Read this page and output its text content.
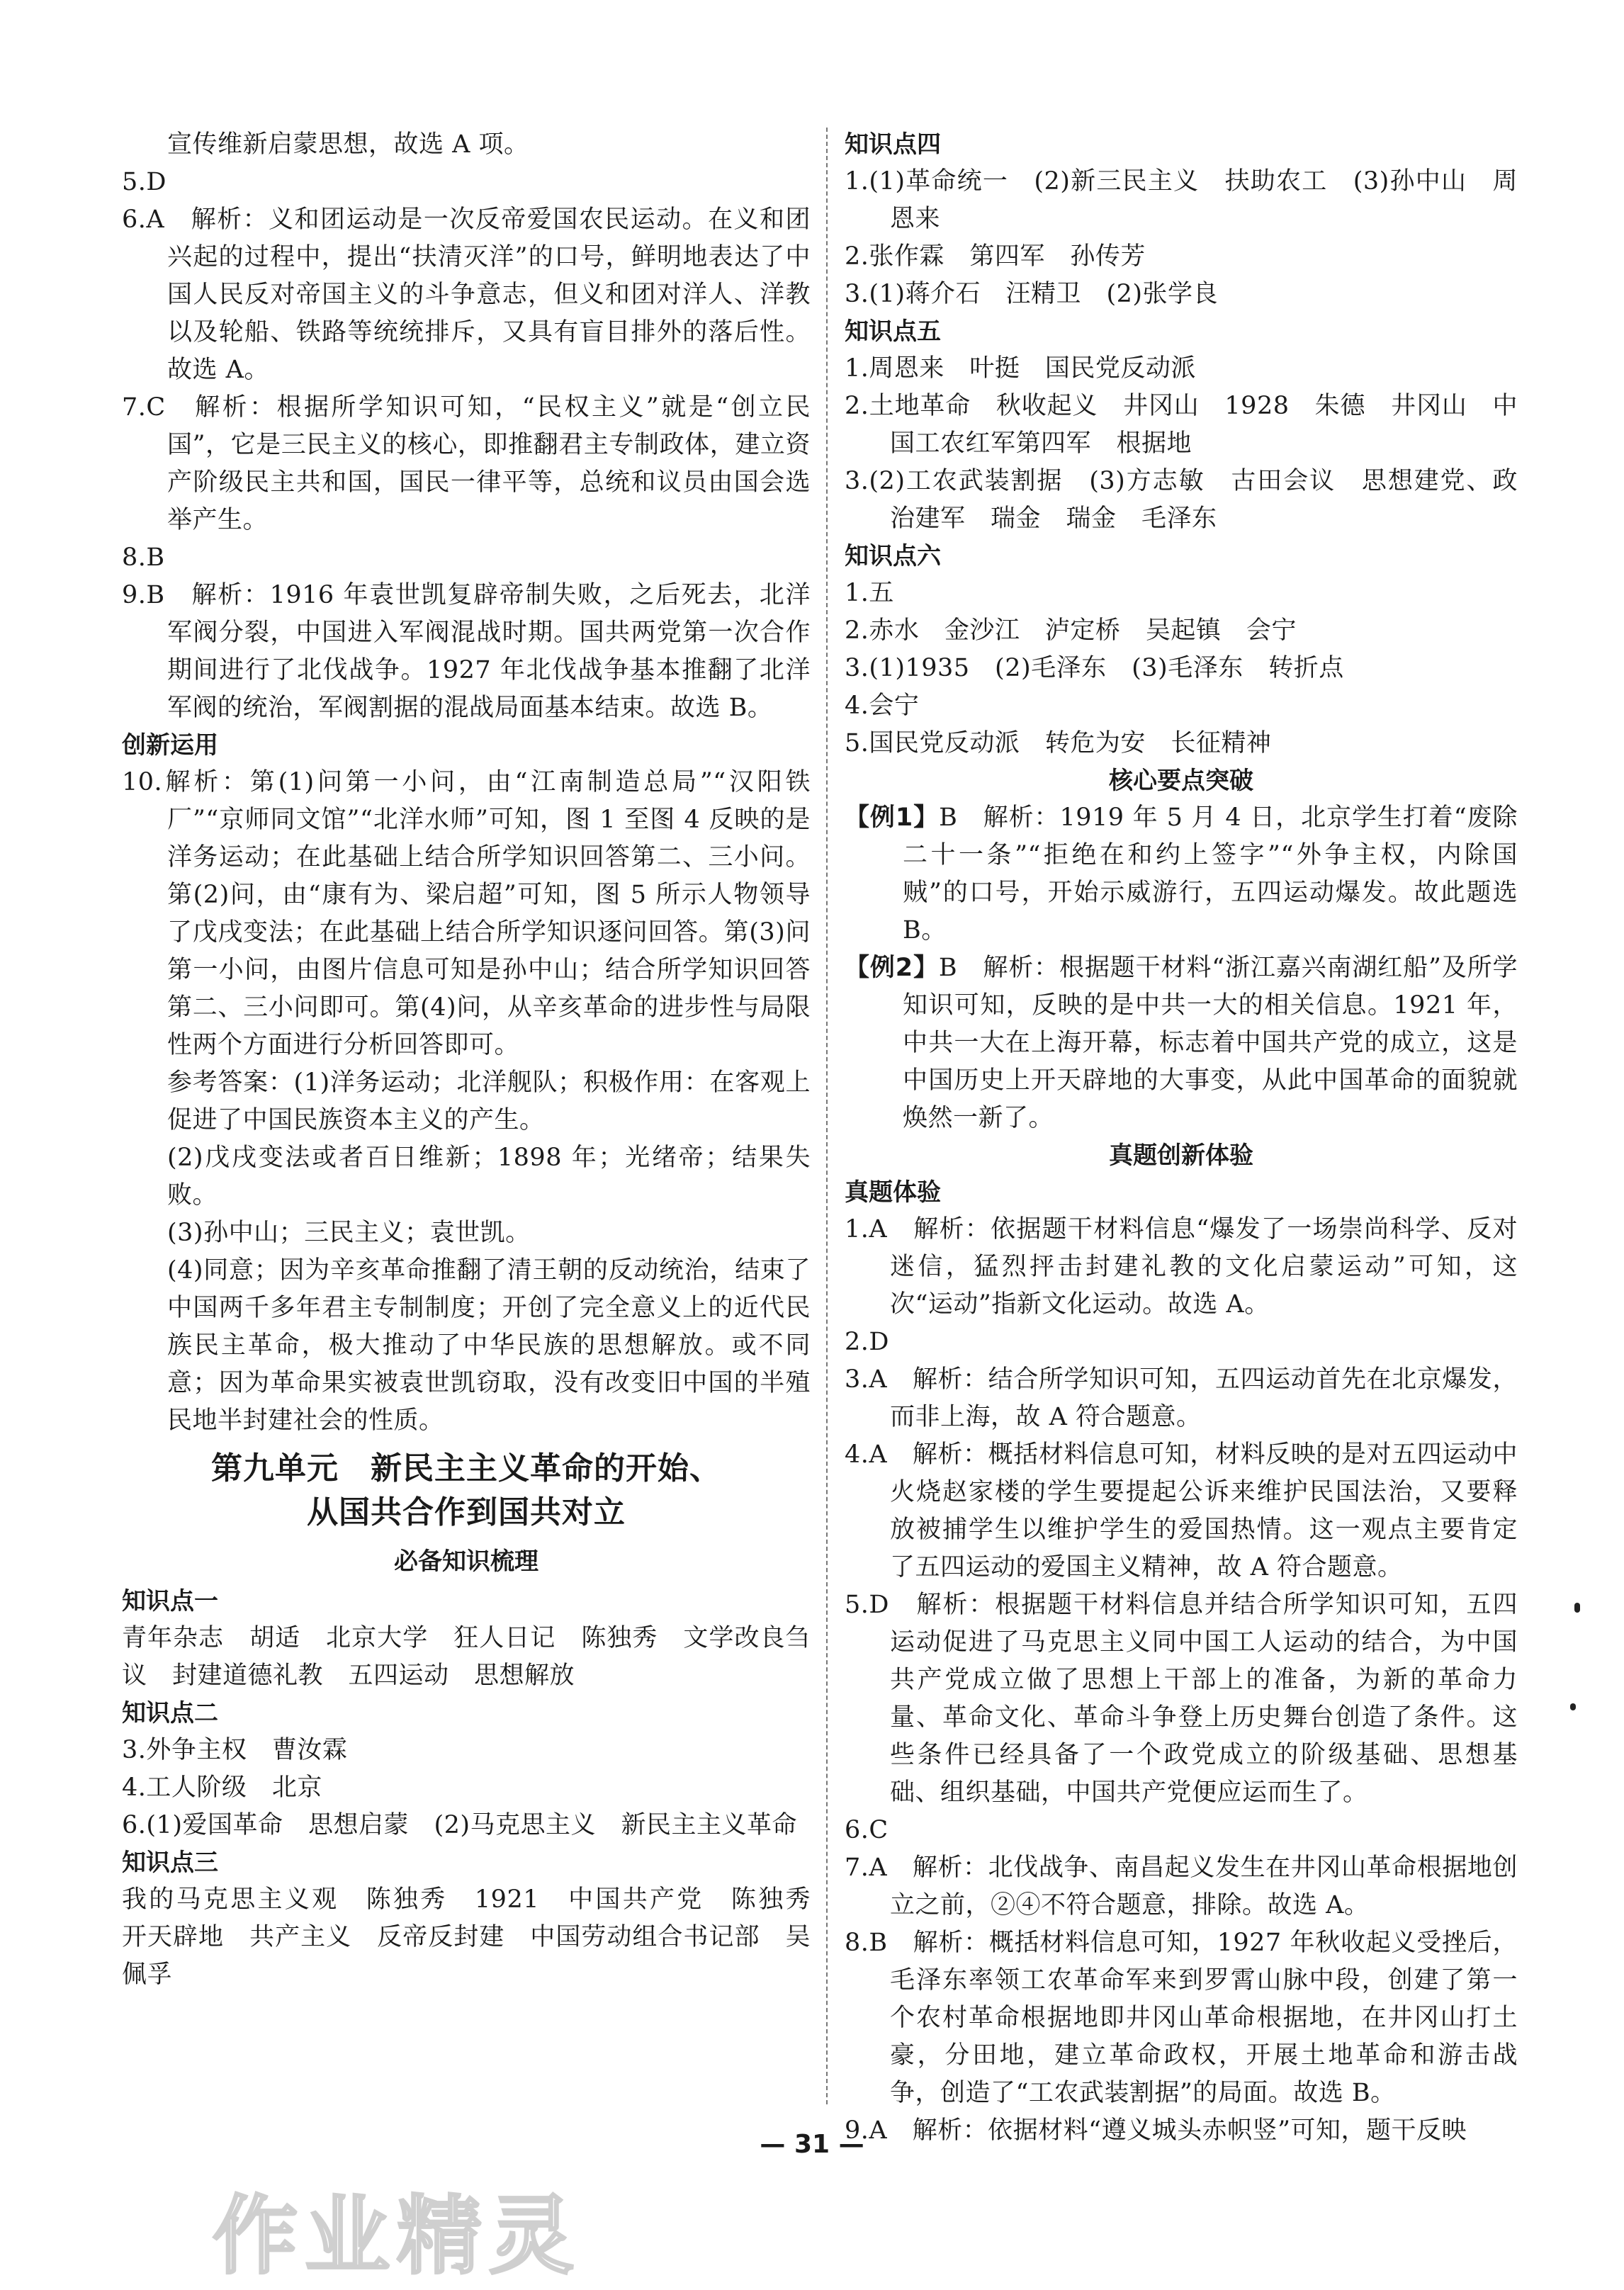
宣传维新启蒙思想，故选 A 项。

5.D

6.A　解析：义和团运动是一次反帝爱国农民运动。在义和团兴起的过程中，提出“扶清灭洋”的口号，鲜明地表达了中国人民反对帝国主义的斗争意志，但义和团对洋人、洋教以及轮船、铁路等统统排斥，又具有盲目排外的落后性。故选 A。

7.C　解析：根据所学知识可知，“民权主义”就是“创立民国”，它是三民主义的核心，即推翻君主专制政体，建立资产阶级民主共和国，国民一律平等，总统和议员由国会选举产生。

8.B

9.B　解析：1916 年袁世凯复辟帝制失败，之后死去，北洋军阀分裂，中国进入军阀混战时期。国共两党第一次合作期间进行了北伐战争。1927 年北伐战争基本推翻了北洋军阀的统治，军阀割据的混战局面基本结束。故选 B。

创新运用

10.解析：第(1)问第一小问，由“江南制造总局”“汉阳铁厂”“京师同文馆”“北洋水师”可知，图 1 至图 4 反映的是洋务运动；在此基础上结合所学知识回答第二、三小问。第(2)问，由“康有为、梁启超”可知，图 5 所示人物领导了戊戌变法；在此基础上结合所学知识逐问回答。第(3)问第一小问，由图片信息可知是孙中山；结合所学知识回答第二、三小问即可。第(4)问，从辛亥革命的进步性与局限性两个方面进行分析回答即可。

参考答案：(1)洋务运动；北洋舰队；积极作用：在客观上促进了中国民族资本主义的产生。

(2)戊戌变法或者百日维新；1898 年；光绪帝；结果失败。

(3)孙中山；三民主义；袁世凯。

(4)同意；因为辛亥革命推翻了清王朝的反动统治，结束了中国两千多年君主专制制度；开创了完全意义上的近代民族民主革命，极大推动了中华民族的思想解放。或不同意；因为革命果实被袁世凯窃取，没有改变旧中国的半殖民地半封建社会的性质。

第九单元　新民主主义革命的开始、
从国共合作到国共对立

必备知识梳理

知识点一

青年杂志　胡适　北京大学　狂人日记　陈独秀　文学改良刍议　封建道德礼教　五四运动　思想解放

知识点二

3.外争主权　曹汝霖

4.工人阶级　北京

6.(1)爱国革命　思想启蒙　(2)马克思主义　新民主主义革命

知识点三

我的马克思主义观　陈独秀　1921　中国共产党　陈独秀　开天辟地　共产主义　反帝反封建　中国劳动组合书记部　吴佩孚

知识点四

1.(1)革命统一　(2)新三民主义　扶助农工　(3)孙中山　周恩来

2.张作霖　第四军　孙传芳

3.(1)蒋介石　汪精卫　(2)张学良

知识点五

1.周恩来　叶挺　国民党反动派

2.土地革命　秋收起义　井冈山　1928　朱德　井冈山　中国工农红军第四军　根据地

3.(2)工农武装割据　(3)方志敏　古田会议　思想建党、政治建军　瑞金　瑞金　毛泽东

知识点六

1.五

2.赤水　金沙江　泸定桥　吴起镇　会宁

3.(1)1935　(2)毛泽东　(3)毛泽东　转折点

4.会宁

5.国民党反动派　转危为安　长征精神

核心要点突破

【例1】B　解析：1919 年 5 月 4 日，北京学生打着“废除二十一条”“拒绝在和约上签字”“外争主权，内除国贼”的口号，开始示威游行，五四运动爆发。故此题选 B。

【例2】B　解析：根据题干材料“浙江嘉兴南湖红船”及所学知识可知，反映的是中共一大的相关信息。1921 年，中共一大在上海开幕，标志着中国共产党的成立，这是中国历史上开天辟地的大事变，从此中国革命的面貌就焕然一新了。

真题创新体验

真题体验

1.A　解析：依据题干材料信息“爆发了一场崇尚科学、反对迷信，猛烈抨击封建礼教的文化启蒙运动”可知，这次“运动”指新文化运动。故选 A。

2.D

3.A　解析：结合所学知识可知，五四运动首先在北京爆发，而非上海，故 A 符合题意。

4.A　解析：概括材料信息可知，材料反映的是对五四运动中火烧赵家楼的学生要提起公诉来维护民国法治，又要释放被捕学生以维护学生的爱国热情。这一观点主要肯定了五四运动的爱国主义精神，故 A 符合题意。

5.D　解析：根据题干材料信息并结合所学知识可知，五四运动促进了马克思主义同中国工人运动的结合，为中国共产党成立做了思想上干部上的准备，为新的革命力量、革命文化、革命斗争登上历史舞台创造了条件。这些条件已经具备了一个政党成立的阶级基础、思想基础、组织基础，中国共产党便应运而生了。

6.C

7.A　解析：北伐战争、南昌起义发生在井冈山革命根据地创立之前，②④不符合题意，排除。故选 A。

8.B　解析：概括材料信息可知，1927 年秋收起义受挫后，毛泽东率领工农革命军来到罗霄山脉中段，创建了第一个农村革命根据地即井冈山革命根据地，在井冈山打土豪，分田地，建立革命政权，开展土地革命和游击战争，创造了“工农武装割据”的局面。故选 B。

9.A　解析：依据材料“遵义城头赤帜竖”可知，题干反映

— 31 —
作业精灵
